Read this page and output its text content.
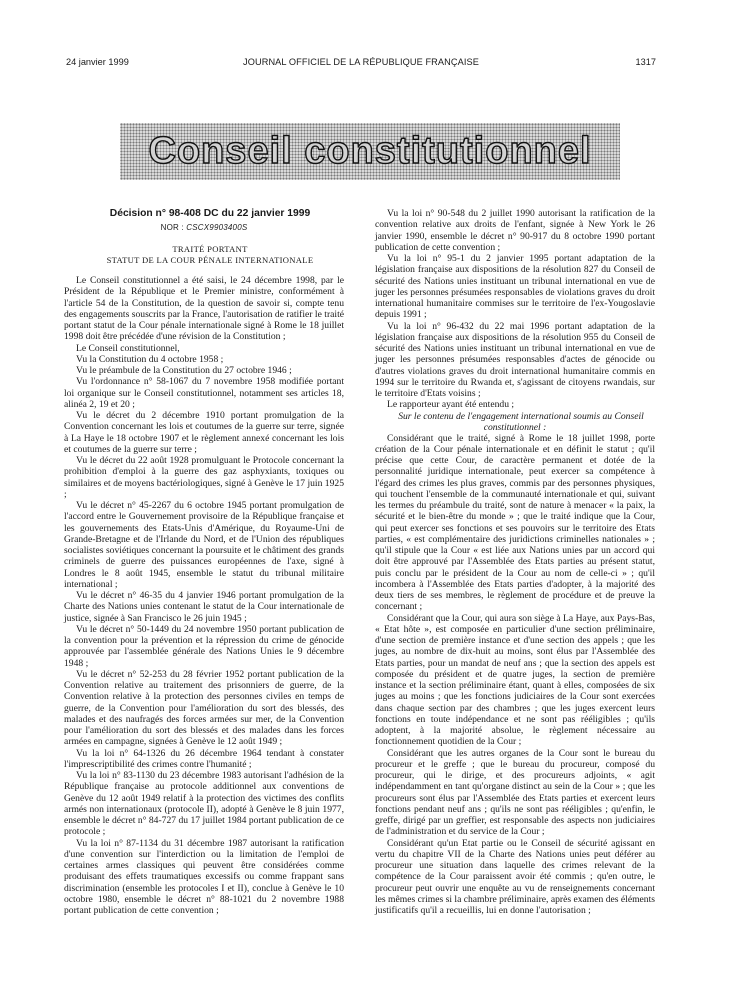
24 janvier 1999	JOURNAL OFFICIEL DE LA RÉPUBLIQUE FRANÇAISE	1317
Conseil constitutionnel

Décision n° 98-408 DC du 22 janvier 1999

NOR : CSCX9903400S

TRAITÉ PORTANT

STATUT DE LA COUR PÉNALE INTERNATIONALE

Le Conseil constitutionnel a été saisi, le 24 décembre 1998, par le Président de la République et le Premier ministre, conformément à l'article 54 de la Constitution, de la question de savoir si, compte tenu des engagements souscrits par la France, l'autorisation de ratifier le traité portant statut de la Cour pénale internationale signé à Rome le 18 juillet 1998 doit être précédée d'une révision de la Constitution ;

Le Conseil constitutionnel,

Vu la Constitution du 4 octobre 1958 ;

Vu le préambule de la Constitution du 27 octobre 1946 ;

Vu l'ordonnance n° 58-1067 du 7 novembre 1958 modifiée portant loi organique sur le Conseil constitutionnel, notamment ses articles 18, alinéa 2, 19 et 20 ;

Vu le décret du 2 décembre 1910 portant promulgation de la Convention concernant les lois et coutumes de la guerre sur terre, signée à La Haye le 18 octobre 1907 et le règlement annexé concernant les lois et coutumes de la guerre sur terre ;

Vu le décret du 22 août 1928 promulguant le Protocole concernant la prohibition d'emploi à la guerre des gaz asphyxiants, toxiques ou similaires et de moyens bactériologiques, signé à Genève le 17 juin 1925 ;

Vu le décret n° 45-2267 du 6 octobre 1945 portant promulgation de l'accord entre le Gouvernement provisoire de la République française et les gouvernements des Etats-Unis d'Amérique, du Royaume-Uni de Grande-Bretagne et de l'Irlande du Nord, et de l'Union des républiques socialistes soviétiques concernant la poursuite et le châtiment des grands criminels de guerre des puissances européennes de l'axe, signé à Londres le 8 août 1945, ensemble le statut du tribunal militaire international ;

Vu le décret n° 46-35 du 4 janvier 1946 portant promulgation de la Charte des Nations unies contenant le statut de la Cour internationale de justice, signée à San Francisco le 26 juin 1945 ;

Vu le décret n° 50-1449 du 24 novembre 1950 portant publication de la convention pour la prévention et la répression du crime de génocide approuvée par l'assemblée générale des Nations Unies le 9 décembre 1948 ;

Vu le décret n° 52-253 du 28 février 1952 portant publication de la Convention relative au traitement des prisonniers de guerre, de la Convention relative à la protection des personnes civiles en temps de guerre, de la Convention pour l'amélioration du sort des blessés, des malades et des naufragés des forces armées sur mer, de la Convention pour l'amélioration du sort des blessés et des malades dans les forces armées en campagne, signées à Genève le 12 août 1949 ;

Vu la loi n° 64-1326 du 26 décembre 1964 tendant à constater l'imprescriptibilité des crimes contre l'humanité ;

Vu la loi n° 83-1130 du 23 décembre 1983 autorisant l'adhésion de la République française au protocole additionnel aux conventions de Genève du 12 août 1949 relatif à la protection des victimes des conflits armés non internationaux (protocole II), adopté à Genève le 8 juin 1977, ensemble le décret n° 84-727 du 17 juillet 1984 portant publication de ce protocole ;

Vu la loi n° 87-1134 du 31 décembre 1987 autorisant la ratification d'une convention sur l'interdiction ou la limitation de l'emploi de certaines armes classiques qui peuvent être considérées comme produisant des effets traumatiques excessifs ou comme frappant sans discrimination (ensemble les protocoles I et II), conclue à Genève le 10 octobre 1980, ensemble le décret n° 88-1021 du 2 novembre 1988 portant publication de cette convention ;

Vu la loi n° 90-548 du 2 juillet 1990 autorisant la ratification de la convention relative aux droits de l'enfant, signée à New York le 26 janvier 1990, ensemble le décret n° 90-917 du 8 octobre 1990 portant publication de cette convention ;

Vu la loi n° 95-1 du 2 janvier 1995 portant adaptation de la législation française aux dispositions de la résolution 827 du Conseil de sécurité des Nations unies instituant un tribunal international en vue de juger les personnes présumées responsables de violations graves du droit international humanitaire commises sur le territoire de l'ex-Yougoslavie depuis 1991 ;

Vu la loi n° 96-432 du 22 mai 1996 portant adaptation de la législation française aux dispositions de la résolution 955 du Conseil de sécurité des Nations unies instituant un tribunal international en vue de juger les personnes présumées responsables d'actes de génocide ou d'autres violations graves du droit international humanitaire commis en 1994 sur le territoire du Rwanda et, s'agissant de citoyens rwandais, sur le territoire d'Etats voisins ;

Le rapporteur ayant été entendu ;

Sur le contenu de l'engagement international soumis au Conseil constitutionnel :

Considérant que le traité, signé à Rome le 18 juillet 1998, porte création de la Cour pénale internationale et en définit le statut ; qu'il précise que cette Cour, de caractère permanent et dotée de la personnalité juridique internationale, peut exercer sa compétence à l'égard des crimes les plus graves, commis par des personnes physiques, qui touchent l'ensemble de la communauté internationale et qui, suivant les termes du préambule du traité, sont de nature à menacer « la paix, la sécurité et le bien-être du monde » ; que le traité indique que la Cour, qui peut exercer ses fonctions et ses pouvoirs sur le territoire des Etats parties, « est complémentaire des juridictions criminelles nationales » ; qu'il stipule que la Cour « est liée aux Nations unies par un accord qui doit être approuvé par l'Assemblée des Etats parties au présent statut, puis conclu par le président de la Cour au nom de celle-ci » ; qu'il incombera à l'Assemblée des Etats parties d'adopter, à la majorité des deux tiers de ses membres, le règlement de procédure et de preuve la concernant ;

Considérant que la Cour, qui aura son siège à La Haye, aux Pays-Bas, « Etat hôte », est composée en particulier d'une section préliminaire, d'une section de première instance et d'une section des appels ; que les juges, au nombre de dix-huit au moins, sont élus par l'Assemblée des Etats parties, pour un mandat de neuf ans ; que la section des appels est composée du président et de quatre juges, la section de première instance et la section préliminaire étant, quant à elles, composées de six juges au moins ; que les fonctions judiciaires de la Cour sont exercées dans chaque section par des chambres ; que les juges exercent leurs fonctions en toute indépendance et ne sont pas rééligibles ; qu'ils adoptent, à la majorité absolue, le règlement nécessaire au fonctionnement quotidien de la Cour ;

Considérant que les autres organes de la Cour sont le bureau du procureur et le greffe ; que le bureau du procureur, composé du procureur, qui le dirige, et des procureurs adjoints, « agit indépendamment en tant qu'organe distinct au sein de la Cour » ; que les procureurs sont élus par l'Assemblée des Etats parties et exercent leurs fonctions pendant neuf ans ; qu'ils ne sont pas rééligibles ; qu'enfin, le greffe, dirigé par un greffier, est responsable des aspects non judiciaires de l'administration et du service de la Cour ;

Considérant qu'un Etat partie ou le Conseil de sécurité agissant en vertu du chapitre VII de la Charte des Nations unies peut déférer au procureur une situation dans laquelle des crimes relevant de la compétence de la Cour paraissent avoir été commis ; qu'en outre, le procureur peut ouvrir une enquête au vu de renseignements concernant les mêmes crimes si la chambre préliminaire, après examen des éléments justificatifs qu'il a recueillis, lui en donne l'autorisation ;
